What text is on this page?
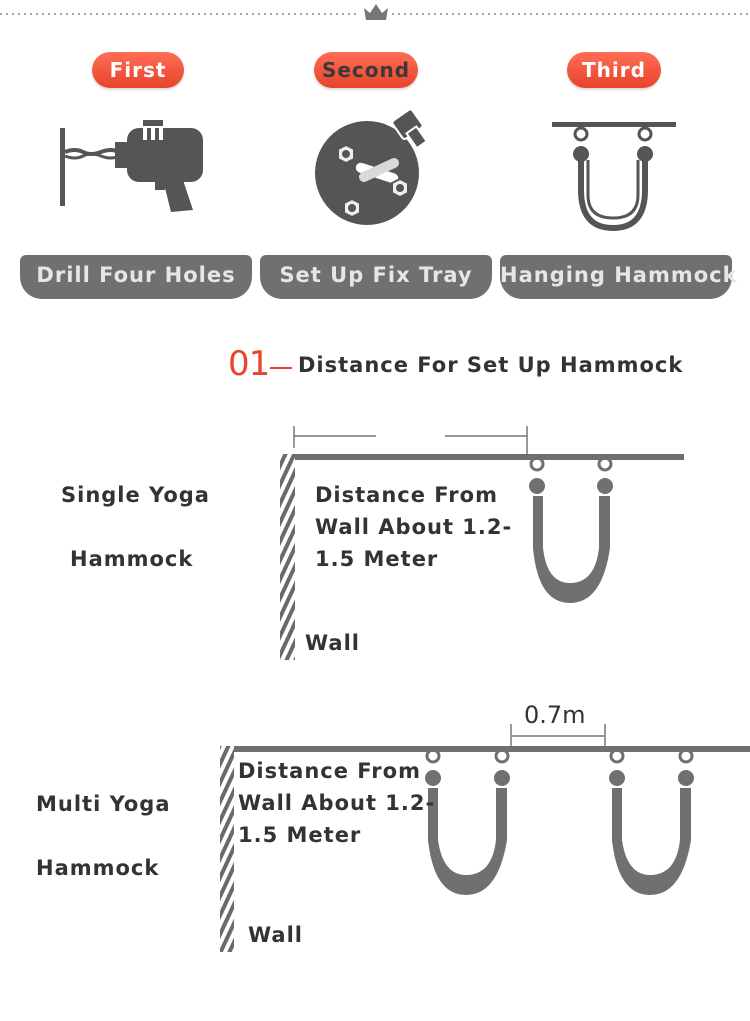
First	Second	Third
Drill Four Holes	Set Up Fix Tray	Hanging Hammock
01 Distance For Set Up Hammock
Single Yoga
Hammock
Distance From
Wall About 1.2-
1.5 Meter
Wall
0.7m
Multi Yoga
Hammock
Distance From
Wall About 1.2-
1.5 Meter
Wall
